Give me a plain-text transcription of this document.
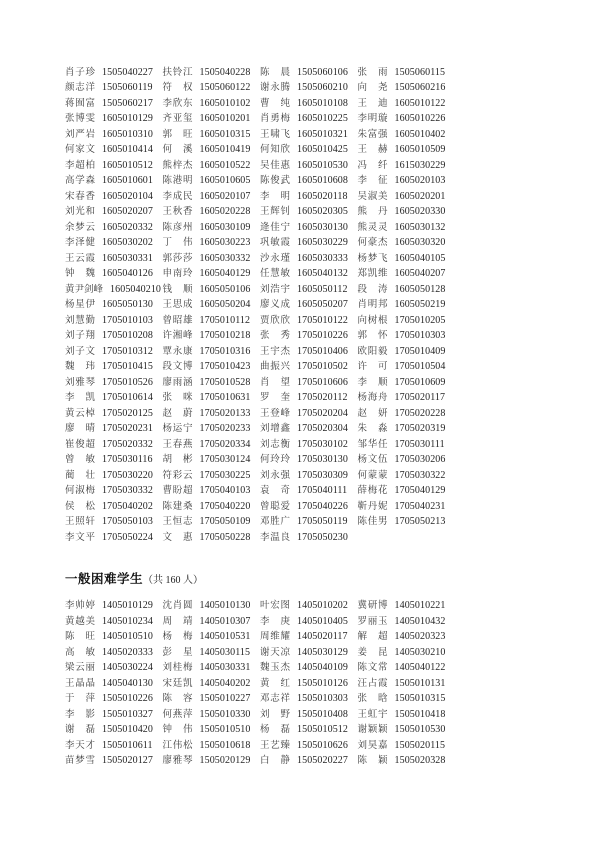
肖子珍 1505040227 扶铃江 1505040228 陈晨 1505060106 张雨 1505060115
颜志洋 1505060119 符权 1505060122 谢永腾 1505060210 向尧 1505060216
蒋囿富 1505060217 李欣东 1605010102 曹纯 1605010108 王迪 1605010122
张博雯 1605010129 齐亚玺 1605010201 肖勇梅 1605010225 李明璇 1605010226
刘严岩 1605010310 郭旺 1605010315 王啸飞 1605010321 朱富强 1605010402
何家文 1605010414 何溪 1605010419 何知欣 1605010425 王赫 1605010509
李超柏 1605010512 熊梓杰 1605010522 吴佳惠 1605010530 冯纤 1615030229
高学森 1605010601 陈港明 1605010605 陈俊武 1605010608 李征 1605020103
宋春香 1605020104 李成民 1605020107 李明 1605020118 吴淑美 1605020201
刘光和 1605020207 王秋香 1605020228 王辉钊 1605020305 熊丹 1605020330
余梦云 1605020332 陈彦州 1605030109 逄佳宁 1605030130 熊灵灵 1605030132
李泽健 1605030202 丁伟 1605030223 巩敏霞 1605030229 何豪杰 1605030320
王云霞 1605030331 郭莎莎 1605030332 沙永瑾 1605030333 杨梦飞 1605040105
钟魏 1605040126 申南玲 1605040129 任慧敏 1605040132 郑凯维 1605040207
黄尹剑峰 1605040210 钱顺 1605050106 刘浩宇 1605050112 段涛 1605050128
杨星伊 1605050130 王思成 1605050204 廖义成 1605050207 肖明邦 1605050219
刘慧勤 1705010103 曾昭雄 1705010112 贾欣欣 1705010122 向树根 1705010205
刘子翔 1705010208 许湘峰 1705010218 张秀 1705010226 郭怀 1705010303
刘子文 1705010312 覃永康 1705010316 王宇杰 1705010406 欧阳毅 1705010409
魏玮 1705010415 段文博 1705010423 曲振兴 1705010502 许可 1705010504
刘雅琴 1705010526 廖雨涵 1705010528 肖望 1705010606 李顺 1705010609
李凯 1705010614 张咪 1705010631 罗奎 1705020112 杨海舟 1705020117
黄云棹 1705020125 赵蔚 1705020133 王登峰 1705020204 赵妍 1705020228
廖晴 1705020231 杨运宁 1705020233 刘增鑫 1705020304 朱淼 1705020319
崔俊超 1705020332 王春燕 1705020334 刘志衡 1705030102 邹华任 1705030111
曾敏 1705030116 胡彬 1705030124 何玲玲 1705030130 杨文伍 1705030206
蔺壮 1705030220 符彩云 1705030225 刘永强 1705030309 何蒙蒙 1705030322
何淑梅 1705030332 曹盼超 1705040103 袁奇 1705040111 薛梅花 1705040129
侯松 1705040202 陈建桑 1705040220 曾聪爱 1705040226 靳丹妮 1705040231
王照轩 1705050103 王恒志 1705050109 邓胜广 1705050119 陈佳男 1705050213
李文平 1705050224 文惠 1705050228 李温良 1705050230
一般困难学生（共 160 人）
李帅婷 1405010129 沈肖圆 1405010130 叶宏图 1405010202 冀研博 1405010221
黄越美 1405010234 周靖 1405010307 李庚 1405010405 罗丽玉 1405010432
陈旺 1405010510 杨梅 1405010531 周维耀 1405020117 解超 1405020323
高敏 1405020333 彭星 1405030115 谢天凉 1405030129 姜昆 1405030210
梁云丽 1405030224 刘桂梅 1405030331 魏玉杰 1405040109 陈文常 1405040122
王晶晶 1405040130 宋廷凯 1405040202 黄红 1505010126 汪占霞 1505010131
于萍 1505010226 陈容 1505010227 邓志祥 1505010303 张晗 1505010315
李影 1505010327 何燕萍 1505010330 刘野 1505010408 王虹宇 1505010418
谢磊 1505010420 钟伟 1505010510 杨磊 1505010512 谢颖颖 1505010530
李天才 1505010611 江伟松 1505010618 王艺臻 1505010626 刘昊嘉 1505020115
苗梦雪 1505020127 廖雅琴 1505020129 白静 1505020227 陈颖 1505020328
